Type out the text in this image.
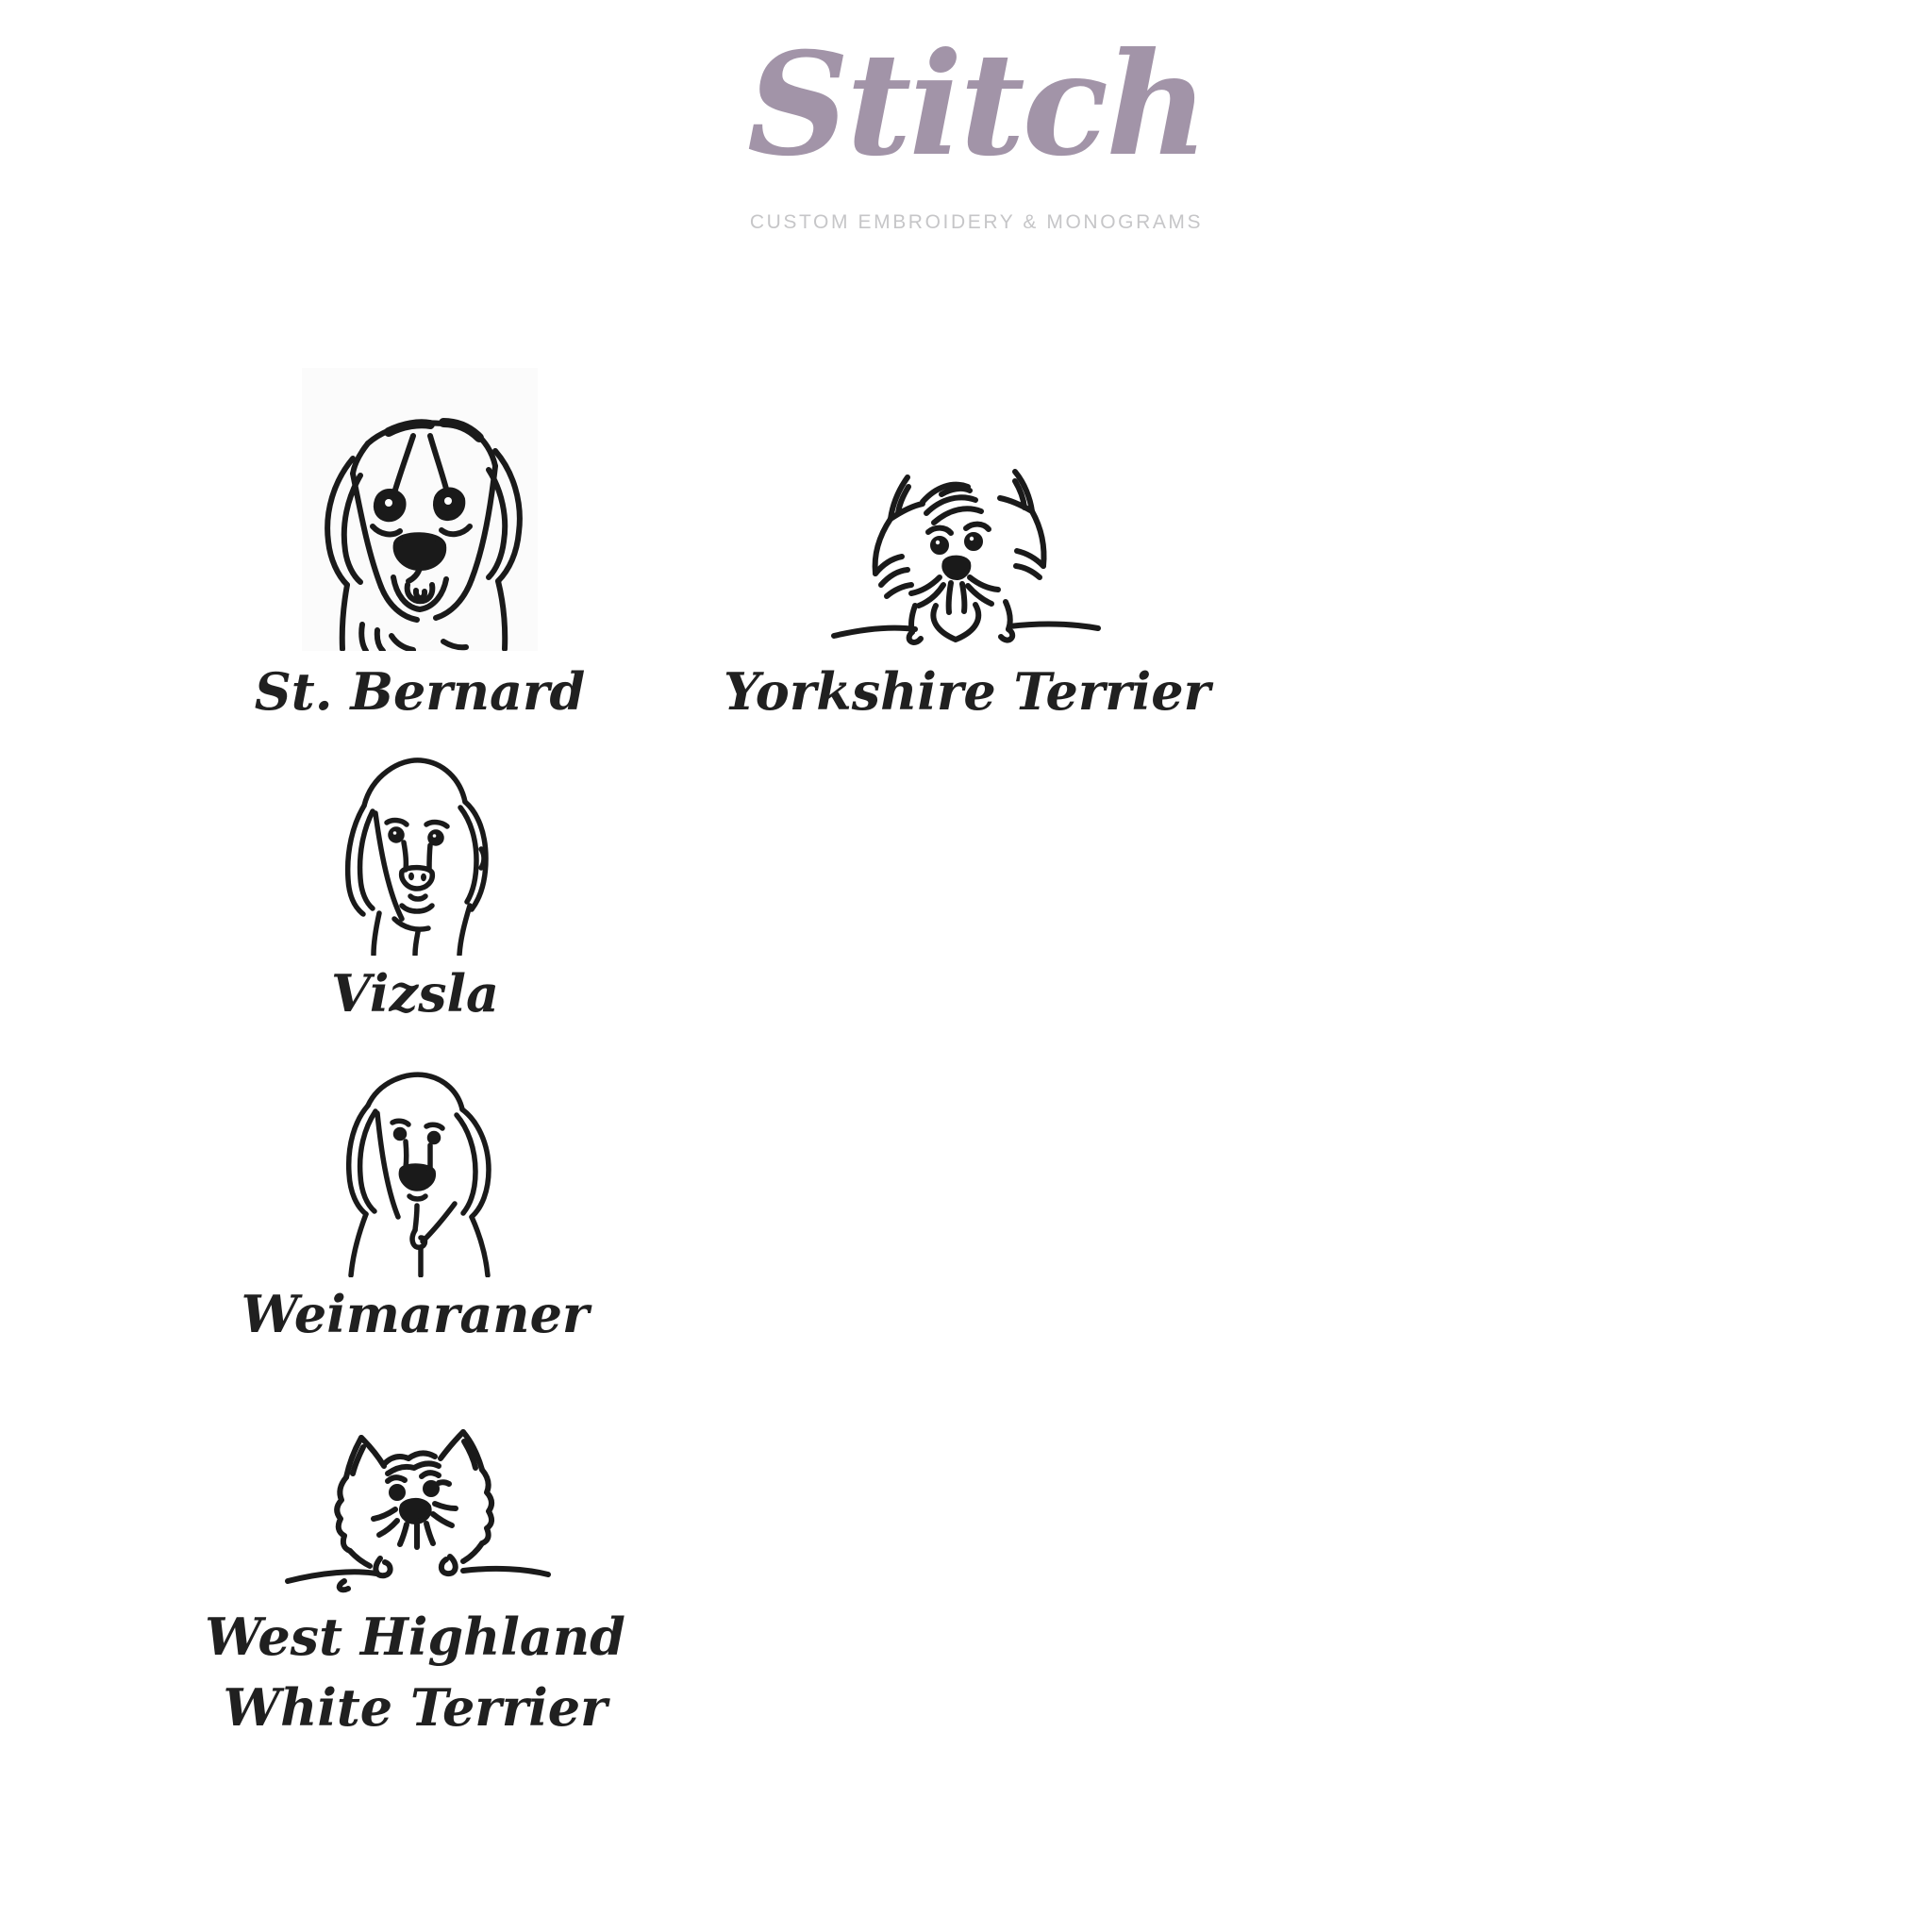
Stitch
CUSTOM EMBROIDERY & MONOGRAMS
St. Bernard	Yorkshire Terrier
Vizsla
Weimaraner
West Highland
White Terrier
